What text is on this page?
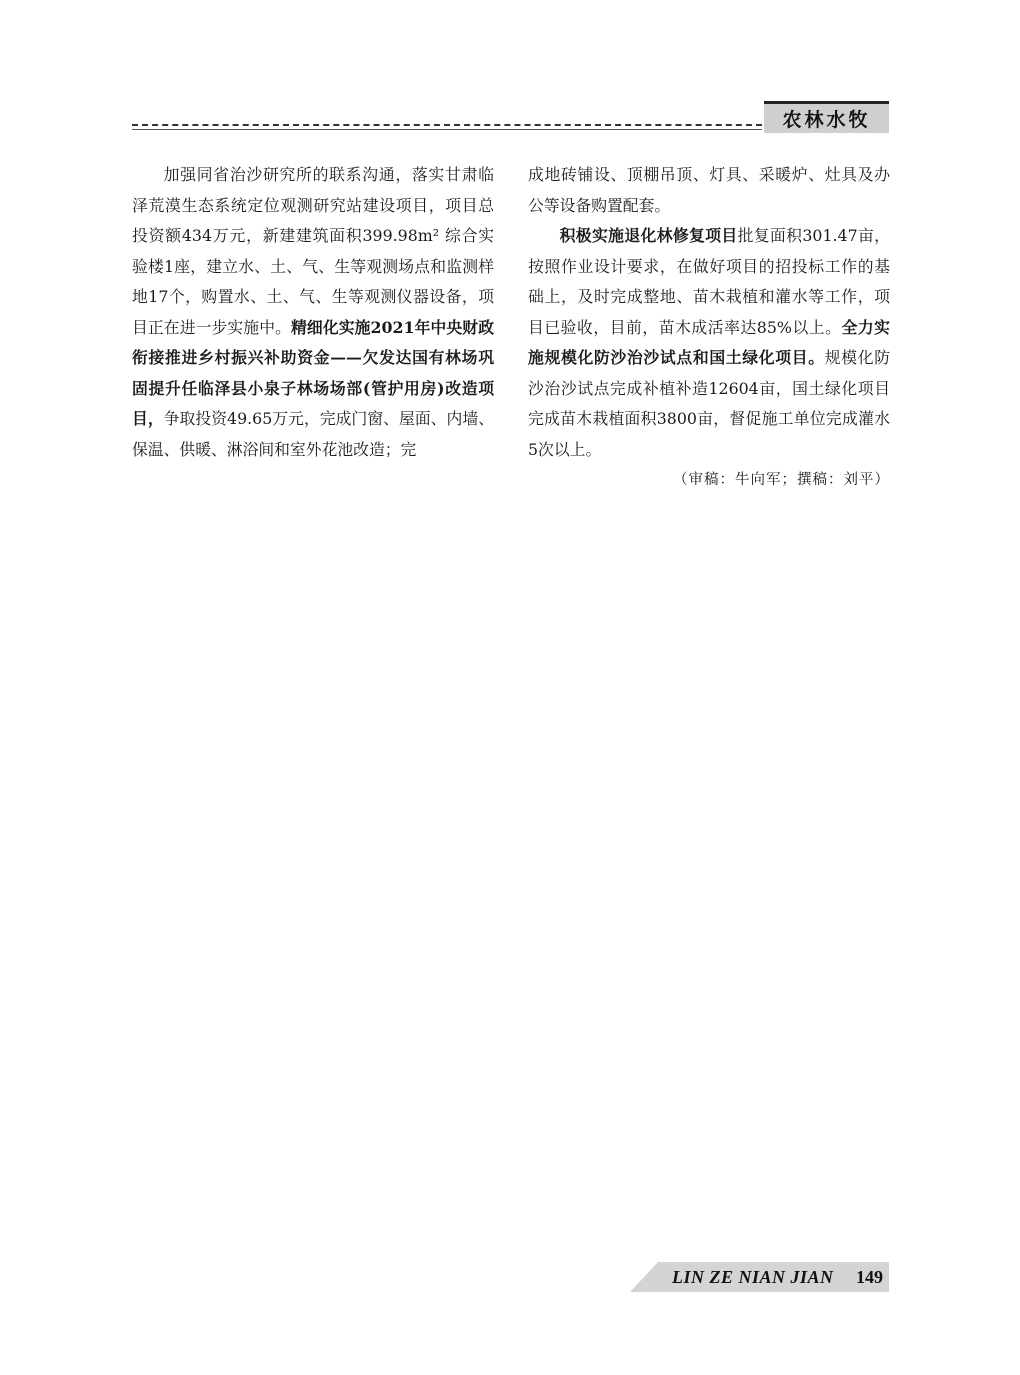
农林水牧

加强同省治沙研究所的联系沟通，落实甘肃临泽荒漠生态系统定位观测研究站建设项目，项目总投资额434万元，新建建筑面积399.98m² 综合实验楼1座，建立水、土、气、生等观测场点和监测样地17个，购置水、土、气、生等观测仪器设备，项目正在进一步实施中。精细化实施2021年中央财政衔接推进乡村振兴补助资金——欠发达国有林场巩固提升任临泽县小泉子林场场部(管护用房)改造项目，争取投资49.65万元，完成门窗、屋面、内墙、保温、供暖、淋浴间和室外花池改造；完

成地砖铺设、顶棚吊顶、灯具、采暖炉、灶具及办公等设备购置配套。

积极实施退化林修复项目批复面积301.47亩，按照作业设计要求，在做好项目的招投标工作的基础上，及时完成整地、苗木栽植和灌水等工作，项目已验收，目前，苗木成活率达85%以上。全力实施规模化防沙治沙试点和国土绿化项目。规模化防沙治沙试点完成补植补造12604亩，国土绿化项目完成苗木栽植面积3800亩，督促施工单位完成灌水5次以上。

（审稿：牛向军；撰稿：刘平）

LIN ZE NIAN JIAN 149
